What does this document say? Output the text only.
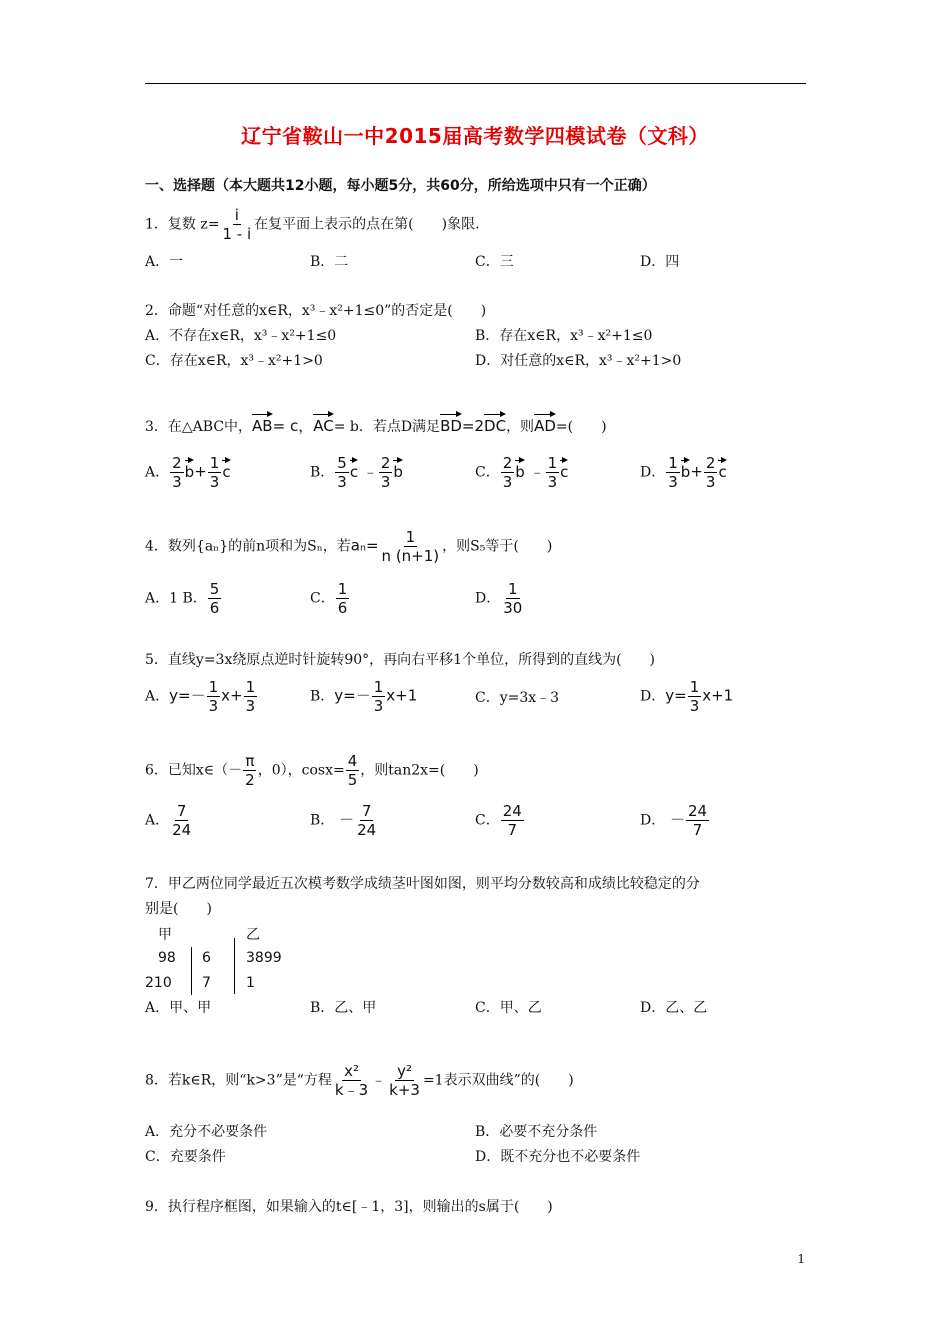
辽宁省鞍山一中2015届高考数学四模试卷（文科）
一、选择题（本大题共12小题，每小题5分，共60分，所给选项中只有一个正确）
1．复数 $z= \frac{i}{1 - i}$ 在复平面上表示的点在第(　　)象限.
A．一	B．二	C．三	D．四
2．命题“对任意的x∈R，x³﹣x²+1≤0”的否定是(　　)
A．不存在x∈R，x³﹣x²+1≤0	B．存在x∈R，x³﹣x²+1≤0
C．存在x∈R，x³﹣x²+1>0	D．对任意的x∈R，x³﹣x²+1>0
3．在△ABC中，AB= c，AC= b．若点D满足BD=2DC，则AD=(　　)
A． $\frac{2}{3} b+ \frac{1}{3}$ c	B． $\frac{5}{3}$ c ﹣ $\frac{2}{3}$ b	C． $\frac{2}{3}$ b ﹣ $\frac{1}{3}$ c	D． $\frac{1}{3} b+ \frac{2}{3}$ c
4．数列{aₙ}的前n项和为Sₙ，若$a_n= \frac{1}{n (n+1)}$ ，则S₅等于(　　)
A．1 B． $\frac{5}{6}$	C． $\frac{1}{6}$	D． $\frac{1}{30}$
5．直线y=3x绕原点逆时针旋转90°，再向右平移1个单位，所得到的直线为(　　)
A．$y=- \frac{1}{3} x+ \frac{1}{3}$	B．$y=- \frac{1}{3} x+1$	C．y=3x﹣3	D．$y= \frac{1}{3} x+1$
6．已知x∈（－ $\frac{\pi}{2}$ ，0），$\cos x= \frac{4}{5}$ ，则tan2x=(　　)
A． $\frac{7}{24}$	B． － $\frac{7}{24}$	C． $\frac{24}{7}$	D． － $\frac{24}{7}$
7．甲乙两位同学最近五次模考数学成绩茎叶图如图，则平均分数较高和成绩比较稳定的分
别是(　　)
甲	乙
98 6	3899
210 7	1
A．甲、甲	B．乙、甲	C．甲、乙	D．乙、乙
8．若k∈R，则“k>3”是“方程 $\frac{\text{x²}}{k﹣3}$ ﹣ $\frac{\text{y²}}{k+3} =1$表示双曲线”的(　　)
A．充分不必要条件	B．必要不充分条件
C．充要条件	D．既不充分也不必要条件
9．执行程序框图，如果输入的t∈[﹣1，3]，则输出的s属于(　　)
1
